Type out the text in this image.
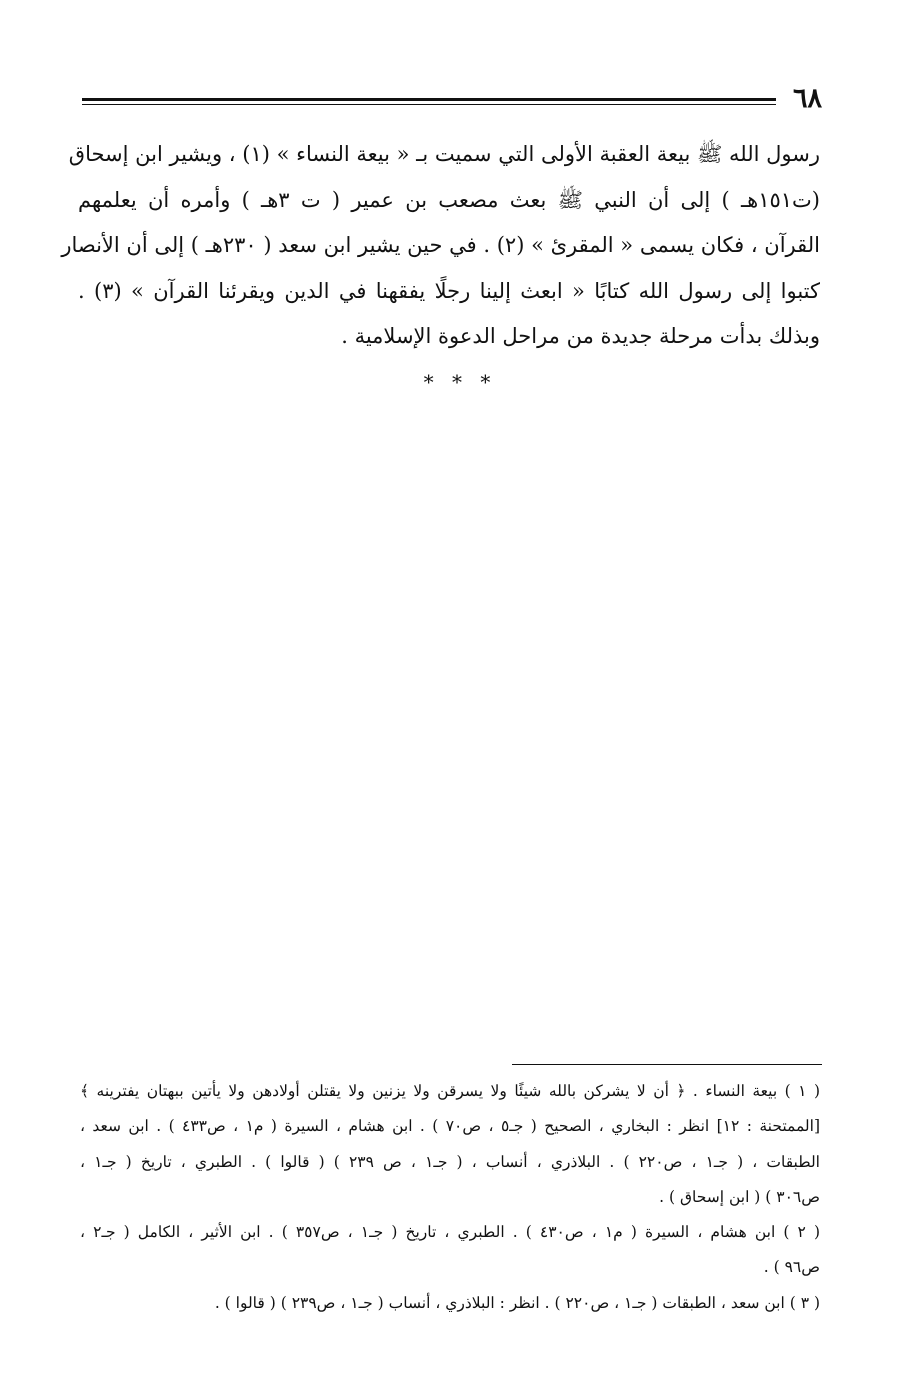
٦٨
رسول الله ﷺ بيعة العقبة الأولى التي سميت بـ « بيعة النساء » (١) ، ويشير ابن إسحاق
(ت١٥١هـ ) إلى أن النبي ﷺ بعث مصعب بن عمير ( ت ٣هـ ) وأمره أن يعلمهم
القرآن ، فكان يسمى « المقرئ » (٢) . في حين يشير ابن سعد ( ٢٣٠هـ ) إلى أن الأنصار
كتبوا إلى رسول الله كتابًا « ابعث إلينا رجلًا يفقهنا في الدين ويقرئنا القرآن » (٣) .
وبذلك بدأت مرحلة جديدة من مراحل الدعوة الإسلامية .
* * *
( ١ ) بيعة النساء . ﴿ أن لا يشركن بالله شيئًا ولا يسرقن ولا يزنين ولا يقتلن أولادهن ولا يأتين ببهتان يفترينه ﴾
[الممتحنة : ١٢] انظر : البخاري ، الصحيح ( جـ٥ ، ص٧٠ ) . ابن هشام ، السيرة ( م١ ، ص٤٣٣ ) . ابن سعد ،
الطبقات ، ( جـ١ ، ص٢٢٠ ) . البلاذري ، أنساب ، ( جـ١ ، ص ٢٣٩ ) ( قالوا ) . الطبري ، تاريخ ( جـ١ ،
ص٣٠٦ ) ( ابن إسحاق ) .
( ٢ ) ابن هشام ، السيرة ( م١ ، ص٤٣٠ ) . الطبري ، تاريخ ( جـ١ ، ص٣٥٧ ) . ابن الأثير ، الكامل ( جـ٢ ،
ص٩٦ ) .
( ٣ ) ابن سعد ، الطبقات ( جـ١ ، ص٢٢٠ ) . انظر : البلاذري ، أنساب ( جـ١ ، ص٢٣٩ ) ( قالوا ) .
